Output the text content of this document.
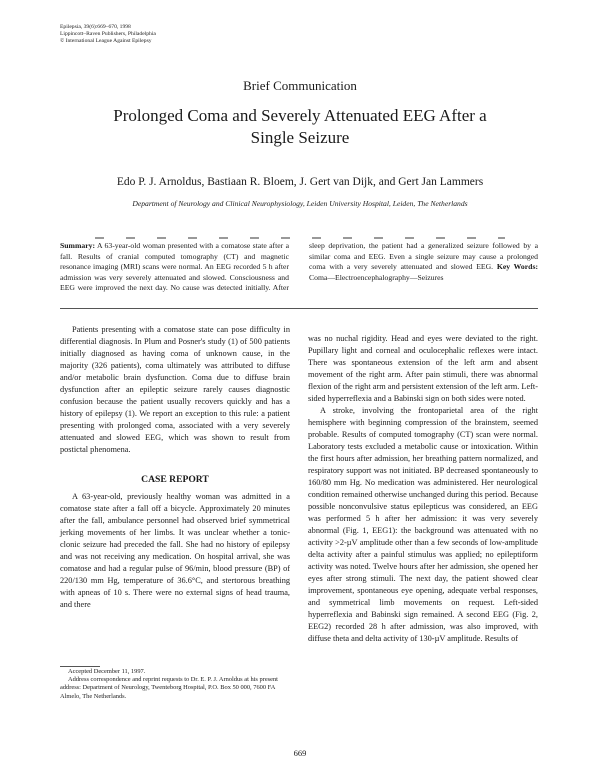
Epilepsia, 39(6):669–670, 1998
Lippincott–Raven Publishers, Philadelphia
© International League Against Epilepsy
Brief Communication
Prolonged Coma and Severely Attenuated EEG After a
Single Seizure
Edo P. J. Arnoldus, Bastiaan R. Bloem, J. Gert van Dijk, and Gert Jan Lammers
Department of Neurology and Clinical Neurophysiology, Leiden University Hospital, Leiden, The Netherlands
Summary: A 63-year-old woman presented with a comatose state after a fall. Results of cranial computed tomography (CT) and magnetic resonance imaging (MRI) scans were normal. An EEG recorded 5 h after admission was very severely attenuated and slowed. Consciousness and EEG were improved the next day. No cause was detected initially. After sleep deprivation, the patient had a generalized seizure followed by a similar coma and EEG. Even a single seizure may cause a prolonged coma with a very severely attenuated and slowed EEG. Key Words: Coma—Electroencephalography—Seizures

Patients presenting with a comatose state can pose difficulty in differential diagnosis. In Plum and Posner's study (1) of 500 patients initially diagnosed as having coma of unknown cause, in the majority (326 patients), coma ultimately was attributed to diffuse and/or metabolic brain dysfunction. Coma due to diffuse brain dysfunction after an epileptic seizure rarely causes diagnostic confusion because the patient usually recovers quickly and has a history of epilepsy (1). We report an exception to this rule: a patient presenting with prolonged coma, associated with a very severely attenuated and slowed EEG, which was shown to result from postictal phenomena.

CASE REPORT

A 63-year-old, previously healthy woman was admitted in a comatose state after a fall off a bicycle. Approximately 20 minutes after the fall, ambulance personnel had observed brief symmetrical jerking movements of her limbs. It was unclear whether a tonic-clonic seizure had preceded the fall. She had no history of epilepsy and was not receiving any medication. On hospital arrival, she was comatose and had a regular pulse of 96/min, blood pressure (BP) of 220/130 mm Hg, temperature of 36.6°C, and stertorous breathing with apneas of 10 s. There were no external signs of head trauma, and there

Accepted December 11, 1997.
Address correspondence and reprint requests to Dr. E. P. J. Arnoldus at his present address: Department of Neurology, Twenteborg Hospital, P.O. Box 50 000, 7600 FA Almelo, The Netherlands.

was no nuchal rigidity. Head and eyes were deviated to the right. Pupillary light and corneal and oculocephalic reflexes were intact. There was spontaneous extension of the left arm and absent movement of the right arm. After pain stimuli, there was abnormal flexion of the right arm and persistent extension of the left arm. Left-sided hyperreflexia and a Babinski sign on both sides were noted.

A stroke, involving the frontoparietal area of the right hemisphere with beginning compression of the brainstem, seemed probable. Results of computed tomography (CT) scan were normal. Laboratory tests excluded a metabolic cause or intoxication. Within the first hours after admission, her breathing pattern normalized, and respiratory support was not initiated. BP decreased spontaneously to 160/80 mm Hg. No medication was administered. Her neurological condition remained otherwise unchanged during this period. Because possible nonconvulsive status epilepticus was considered, an EEG was performed 5 h after her admission: it was very severely abnormal (Fig. 1, EEG1): the background was attenuated with no activity >2-µV amplitude other than a few seconds of low-amplitude delta activity after a painful stimulus was applied; no epileptiform activity was noted. Twelve hours after her admission, she opened her eyes after strong stimuli. The next day, the patient showed clear improvement, spontaneous eye opening, adequate verbal responses, and symmetrical limb movements on request. Left-sided hyperreflexia and Babinski sign remained. A second EEG (Fig. 2, EEG2) recorded 28 h after admission, was also improved, with diffuse theta and delta activity of 130-µV amplitude. Results of

669
